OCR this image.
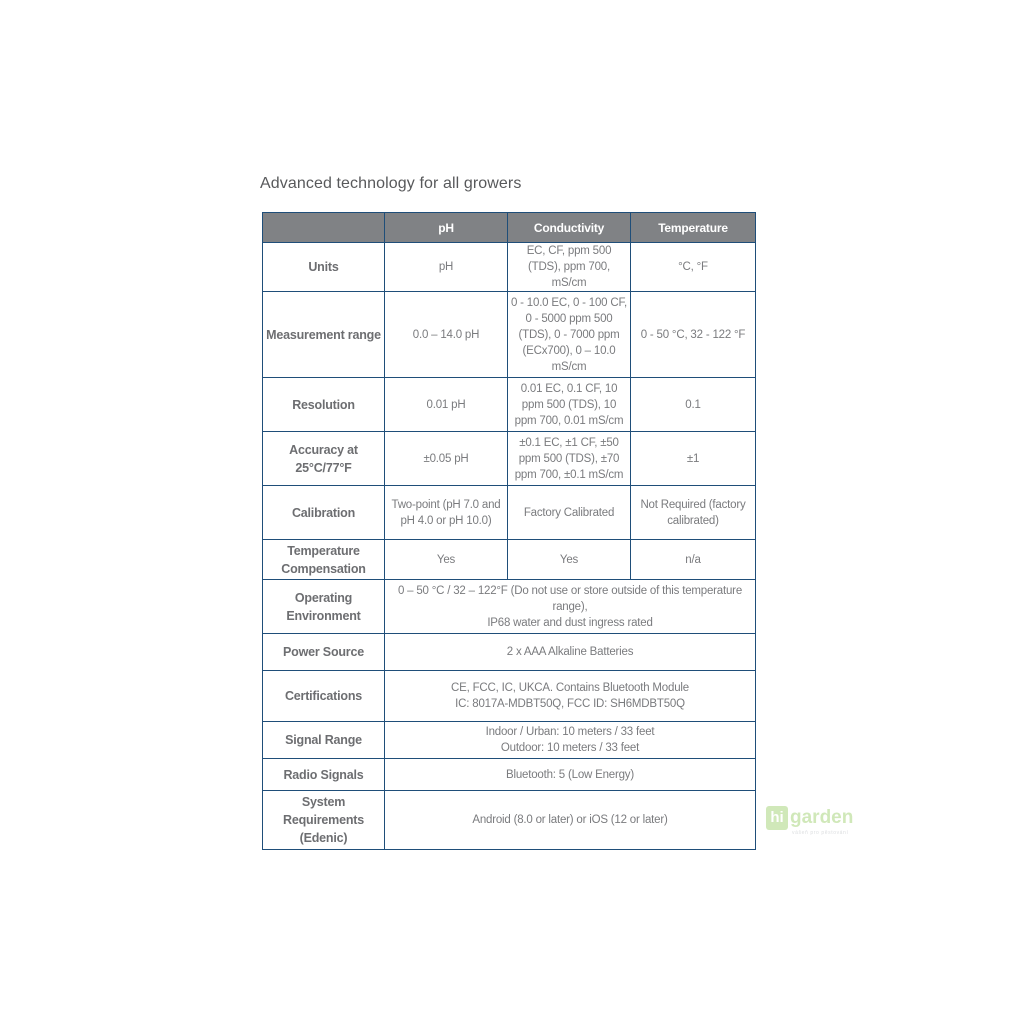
Advanced technology for all growers
	pH	Conductivity	Temperature
Units	pH	EC, CF, ppm 500 (TDS), ppm 700, mS/cm	°C, °F
Measurement range	0.0 – 14.0 pH	0 - 10.0 EC, 0 - 100 CF, 0 - 5000 ppm 500 (TDS), 0 - 7000 ppm (ECx700), 0 – 10.0 mS/cm	0 - 50 °C, 32 - 122 °F
Resolution	0.01 pH	0.01 EC, 0.1 CF, 10 ppm 500 (TDS), 10 ppm 700, 0.01 mS/cm	0.1
Accuracy at 25°C/77°F	±0.05 pH	±0.1 EC, ±1 CF, ±50 ppm 500 (TDS), ±70 ppm 700, ±0.1 mS/cm	±1
Calibration	Two-point (pH 7.0 and pH 4.0 or pH 10.0)	Factory Calibrated	Not Required (factory calibrated)
Temperature Compensation	Yes	Yes	n/a
Operating Environment	0 – 50 °C / 32 – 122°F (Do not use or store outside of this temperature range),
IP68 water and dust ingress rated		

Power Source	2 x AAA Alkaline Batteries		
Certifications	CE, FCC, IC, UKCA. Contains Bluetooth Module
IC: 8017A-MDBT50Q, FCC ID: SH6MDBT50Q		

Signal Range	Indoor / Urban: 10 meters / 33 feet
Outdoor: 10 meters / 33 feet		

Radio Signals	Bluetooth: 5 (Low Energy)		
System Requirements (Edenic)	Android (8.0 or later) or iOS (12 or later)			hi garden
vášeň pro pěstování
